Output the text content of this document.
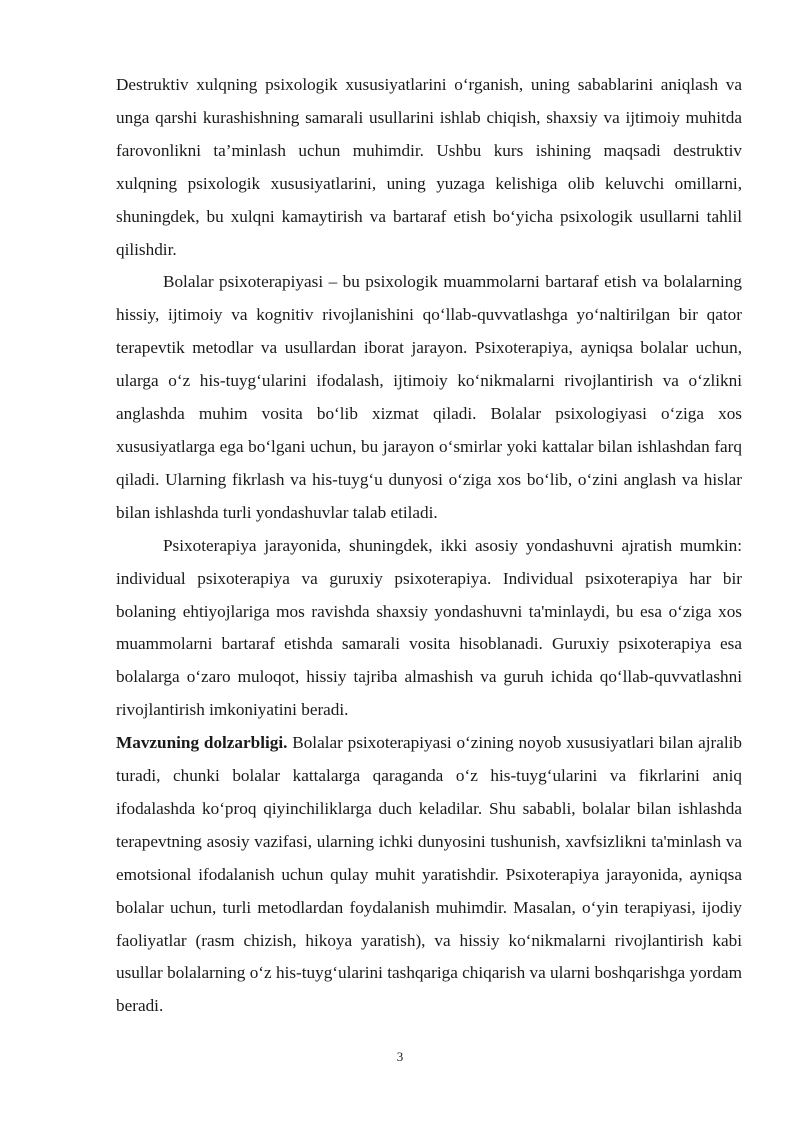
Destruktiv xulqning psixologik xususiyatlarini o‘rganish, uning sabablarini aniqlash va unga qarshi kurashishning samarali usullarini ishlab chiqish, shaxsiy va ijtimoiy muhitda farovonlikni ta’minlash uchun muhimdir. Ushbu kurs ishining maqsadi destruktiv xulqning psixologik xususiyatlarini, uning yuzaga kelishiga olib keluvchi omillarni, shuningdek, bu xulqni kamaytirish va bartaraf etish bo‘yicha psixologik usullarni tahlil qilishdir.

Bolalar psixoterapiyasi – bu psixologik muammolarni bartaraf etish va bolalarning hissiy, ijtimoiy va kognitiv rivojlanishini qo‘llab-quvvatlashga yo‘naltirilgan bir qator terapevtik metodlar va usullardan iborat jarayon. Psixoterapiya, ayniqsa bolalar uchun, ularga o‘z his-tuyg‘ularini ifodalash, ijtimoiy ko‘nikmalarni rivojlantirish va o‘zlikni anglashda muhim vosita bo‘lib xizmat qiladi. Bolalar psixologiyasi o‘ziga xos xususiyatlarga ega bo‘lgani uchun, bu jarayon o‘smirlar yoki kattalar bilan ishlashdan farq qiladi. Ularning fikrlash va his-tuyg‘u dunyosi o‘ziga xos bo‘lib, o‘zini anglash va hislar bilan ishlashda turli yondashuvlar talab etiladi.

Psixoterapiya jarayonida, shuningdek, ikki asosiy yondashuvni ajratish mumkin: individual psixoterapiya va guruxiy psixoterapiya. Individual psixoterapiya har bir bolaning ehtiyojlariga mos ravishda shaxsiy yondashuvni ta'minlaydi, bu esa o‘ziga xos muammolarni bartaraf etishda samarali vosita hisoblanadi. Guruxiy psixoterapiya esa bolalarga o‘zaro muloqot, hissiy tajriba almashish va guruh ichida qo‘llab-quvvatlashni rivojlantirish imkoniyatini beradi.

Mavzuning dolzarbligi. Bolalar psixoterapiyasi o‘zining noyob xususiyatlari bilan ajralib turadi, chunki bolalar kattalarga qaraganda o‘z his-tuyg‘ularini va fikrlarini aniq ifodalashda ko‘proq qiyinchiliklarga duch keladilar. Shu sababli, bolalar bilan ishlashda terapevtning asosiy vazifasi, ularning ichki dunyosini tushunish, xavfsizlikni ta'minlash va emotsional ifodalanish uchun qulay muhit yaratishdir. Psixoterapiya jarayonida, ayniqsa bolalar uchun, turli metodlardan foydalanish muhimdir. Masalan, o‘yin terapiyasi, ijodiy faoliyatlar (rasm chizish, hikoya yaratish), va hissiy ko‘nikmalarni rivojlantirish kabi usullar bolalarning o‘z his-tuyg‘ularini tashqariga chiqarish va ularni boshqarishga yordam beradi.

3
